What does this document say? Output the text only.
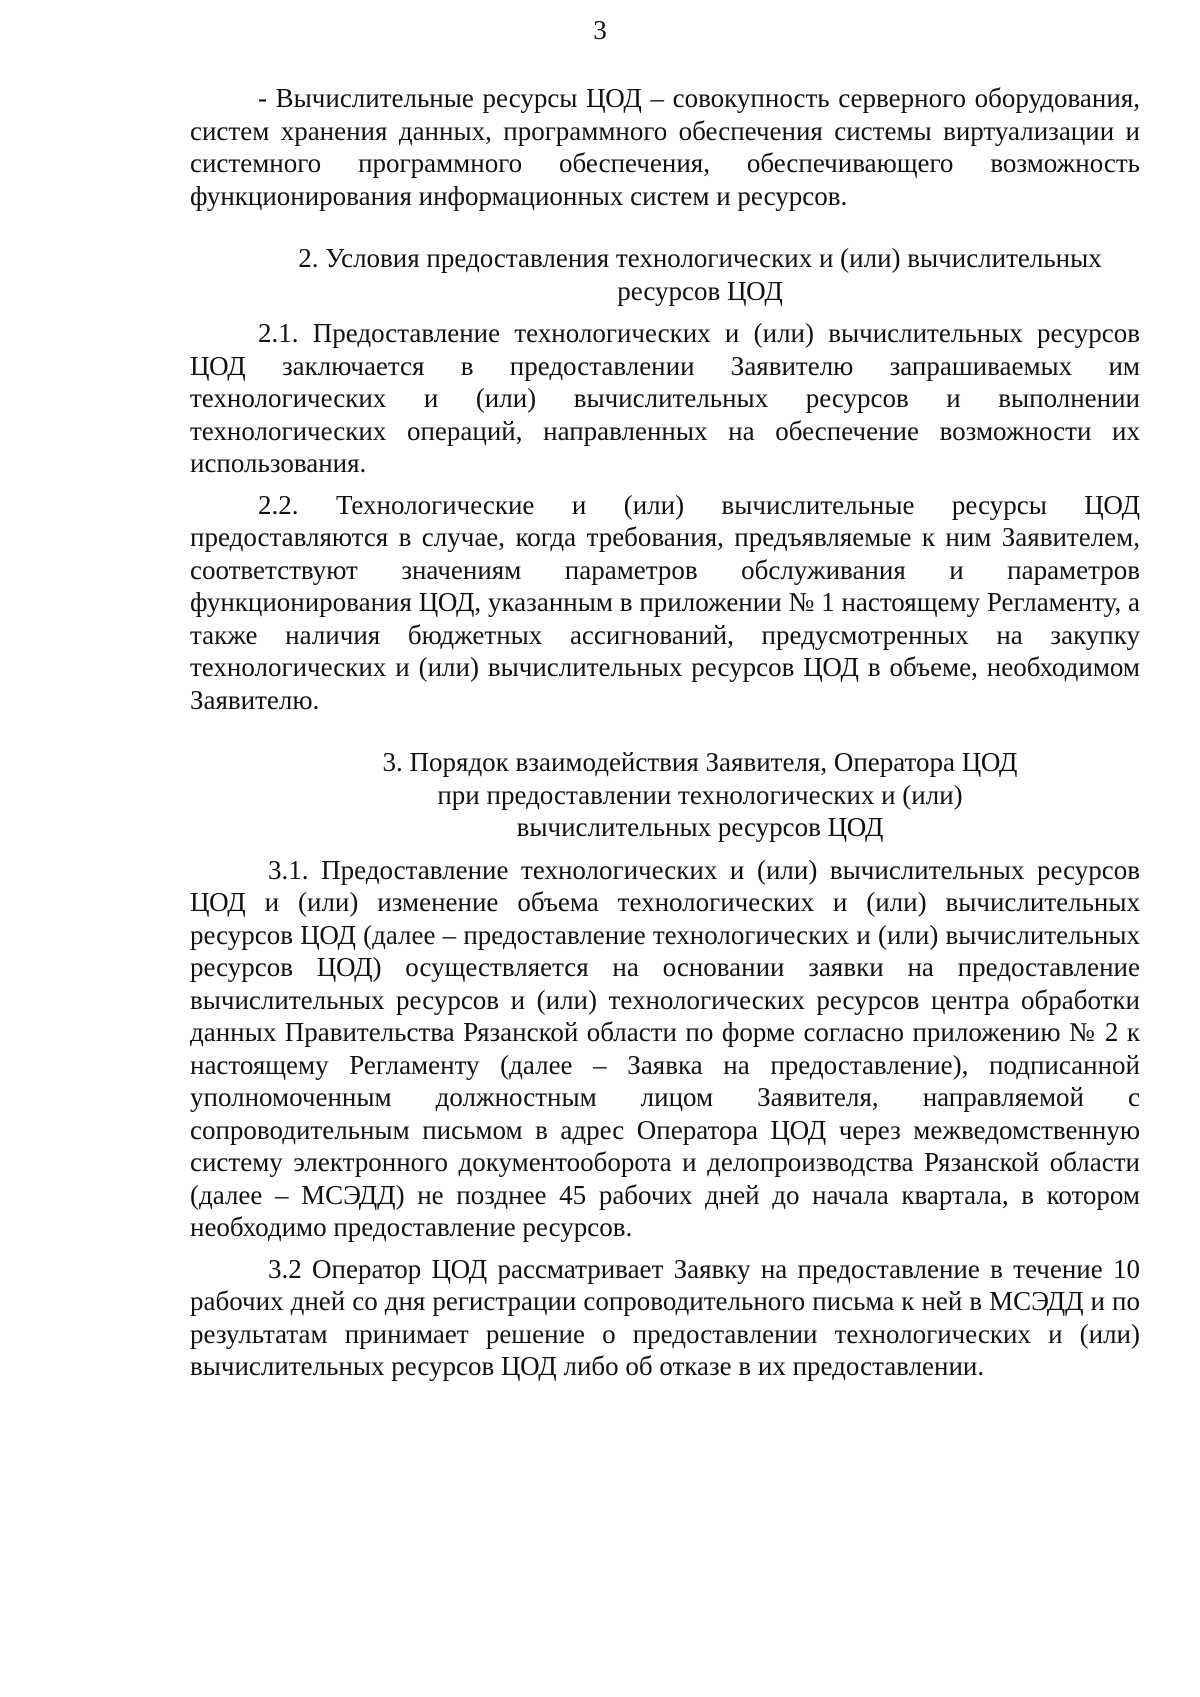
3

- Вычислительные ресурсы ЦОД – совокупность серверного оборудования, систем хранения данных, программного обеспечения системы виртуализации и системного программного обеспечения, обеспечивающего возможность функционирования информационных систем и ресурсов.

2. Условия предоставления технологических и (или) вычислительных
ресурсов ЦОД

2.1. Предоставление технологических и (или) вычислительных ресурсов ЦОД заключается в предоставлении Заявителю запрашиваемых им технологических и (или) вычислительных ресурсов и выполнении технологических операций, направленных на обеспечение возможности их использования.

2.2. Технологические и (или) вычислительные ресурсы ЦОД предоставляются в случае, когда требования, предъявляемые к ним Заявителем, соответствуют значениям параметров обслуживания и параметров функционирования ЦОД, указанным в приложении № 1 настоящему Регламенту, а также наличия бюджетных ассигнований, предусмотренных на закупку технологических и (или) вычислительных ресурсов ЦОД в объеме, необходимом Заявителю.

3. Порядок взаимодействия Заявителя, Оператора ЦОД
при предоставлении технологических и (или)
вычислительных ресурсов ЦОД

3.1. Предоставление технологических и (или) вычислительных ресурсов ЦОД и (или) изменение объема технологических и (или) вычислительных ресурсов ЦОД (далее – предоставление технологических и (или) вычислительных ресурсов ЦОД) осуществляется на основании заявки на предоставление вычислительных ресурсов и (или) технологических ресурсов центра обработки данных Правительства Рязанской области по форме согласно приложению № 2 к настоящему Регламенту (далее – Заявка на предоставление), подписанной уполномоченным должностным лицом Заявителя, направляемой с сопроводительным письмом в адрес Оператора ЦОД через межведомственную систему электронного документооборота и делопроизводства Рязанской области (далее – МСЭДД) не позднее 45 рабочих дней до начала квартала, в котором необходимо предоставление ресурсов.

3.2 Оператор ЦОД рассматривает Заявку на предоставление в течение 10 рабочих дней со дня регистрации сопроводительного письма к ней в МСЭДД и по результатам принимает решение о предоставлении технологических и (или) вычислительных ресурсов ЦОД либо об отказе в их предоставлении.
